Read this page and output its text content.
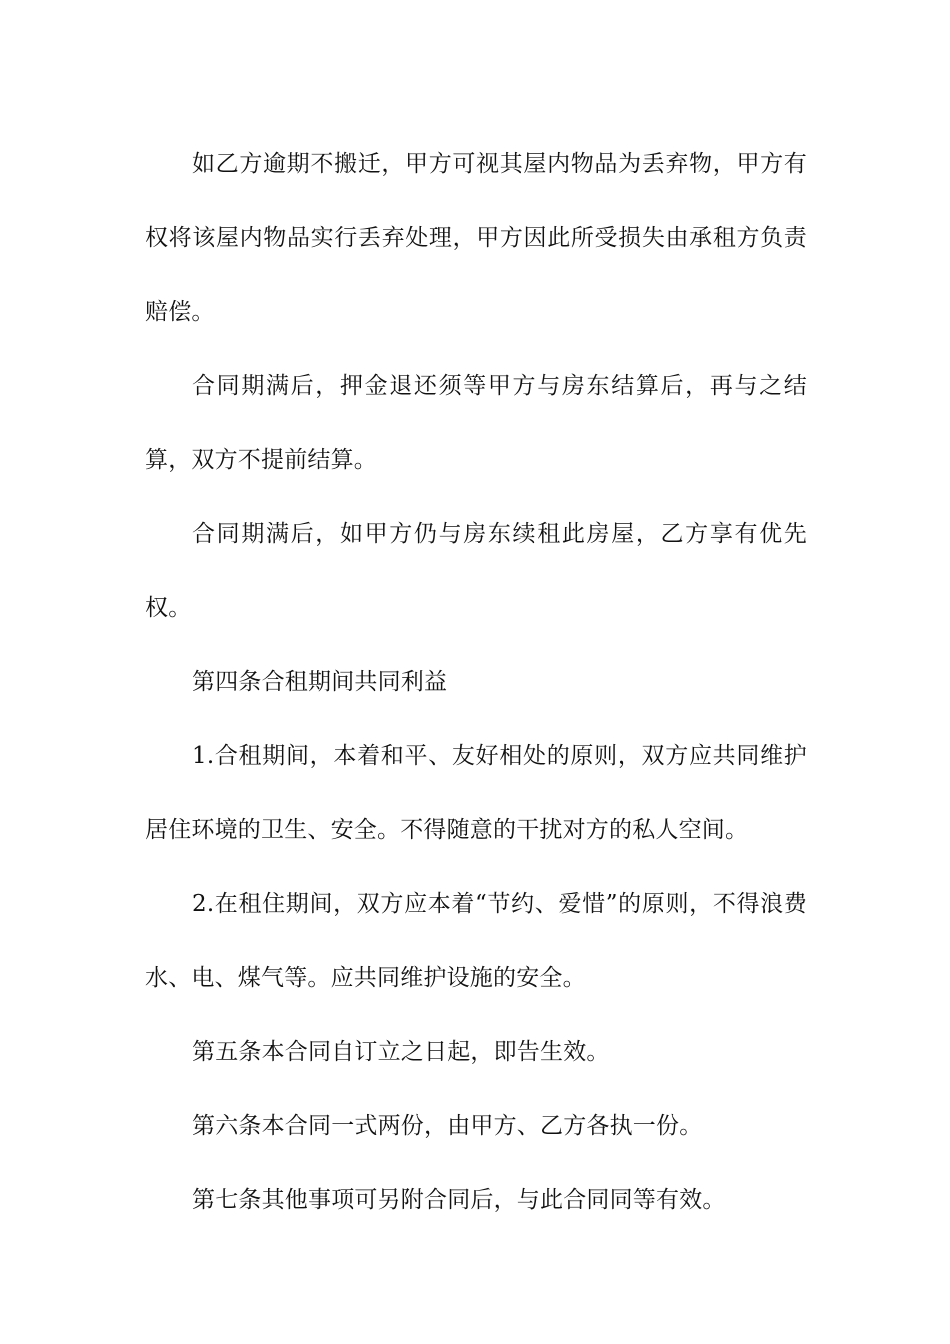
如乙方逾期不搬迁，甲方可视其屋内物品为丢弃物，甲方有权将该屋内物品实行丢弃处理，甲方因此所受损失由承租方负责赔偿。

合同期满后，押金退还须等甲方与房东结算后，再与之结算，双方不提前结算。

合同期满后，如甲方仍与房东续租此房屋，乙方享有优先权。

第四条合租期间共同利益

1.合租期间，本着和平、友好相处的原则，双方应共同维护居住环境的卫生、安全。不得随意的干扰对方的私人空间。

2.在租住期间，双方应本着“节约、爱惜”的原则，不得浪费水、电、煤气等。应共同维护设施的安全。

第五条本合同自订立之日起，即告生效。

第六条本合同一式两份，由甲方、乙方各执一份。

第七条其他事项可另附合同后，与此合同同等有效。
